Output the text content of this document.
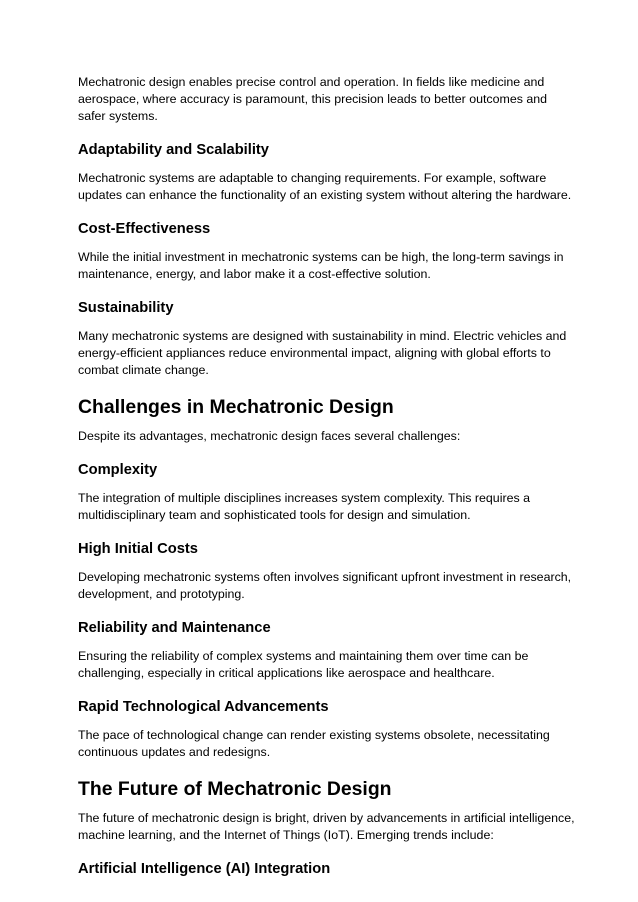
Mechatronic design enables precise control and operation. In fields like medicine and aerospace, where accuracy is paramount, this precision leads to better outcomes and safer systems.

Adaptability and Scalability

Mechatronic systems are adaptable to changing requirements. For example, software updates can enhance the functionality of an existing system without altering the hardware.

Cost-Effectiveness

While the initial investment in mechatronic systems can be high, the long-term savings in maintenance, energy, and labor make it a cost-effective solution.

Sustainability

Many mechatronic systems are designed with sustainability in mind. Electric vehicles and energy-efficient appliances reduce environmental impact, aligning with global efforts to combat climate change.

Challenges in Mechatronic Design

Despite its advantages, mechatronic design faces several challenges:

Complexity

The integration of multiple disciplines increases system complexity. This requires a multidisciplinary team and sophisticated tools for design and simulation.

High Initial Costs

Developing mechatronic systems often involves significant upfront investment in research, development, and prototyping.

Reliability and Maintenance

Ensuring the reliability of complex systems and maintaining them over time can be challenging, especially in critical applications like aerospace and healthcare.

Rapid Technological Advancements

The pace of technological change can render existing systems obsolete, necessitating continuous updates and redesigns.

The Future of Mechatronic Design

The future of mechatronic design is bright, driven by advancements in artificial intelligence, machine learning, and the Internet of Things (IoT). Emerging trends include:

Artificial Intelligence (AI) Integration
